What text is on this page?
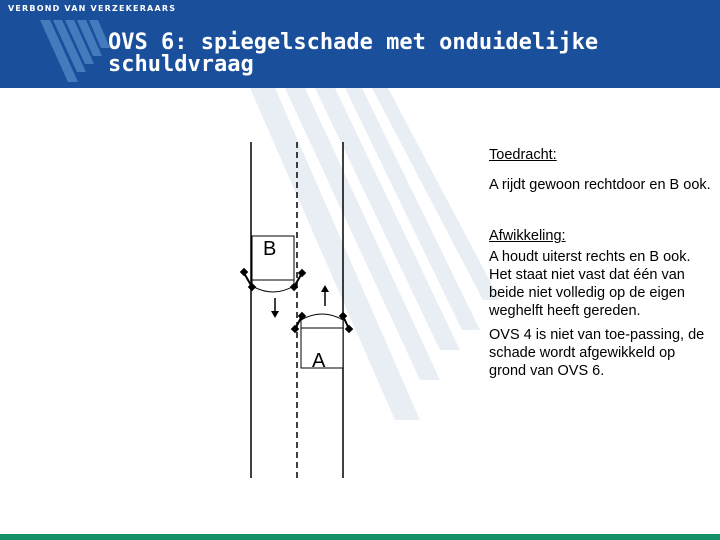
VERBOND VAN VERZEKERAARS
OVS 6: spiegelschade met onduidelijke
schuldvraag
B
A

Toedracht:

A rijdt gewoon rechtdoor en B ook.

Afwikkeling:

A houdt uiterst rechts en B ook. Het staat niet vast dat één van beide niet volledig op de eigen weghelft heeft gereden.

OVS 4 is niet van toe-passing, de schade wordt afgewikkeld op grond van OVS 6.
